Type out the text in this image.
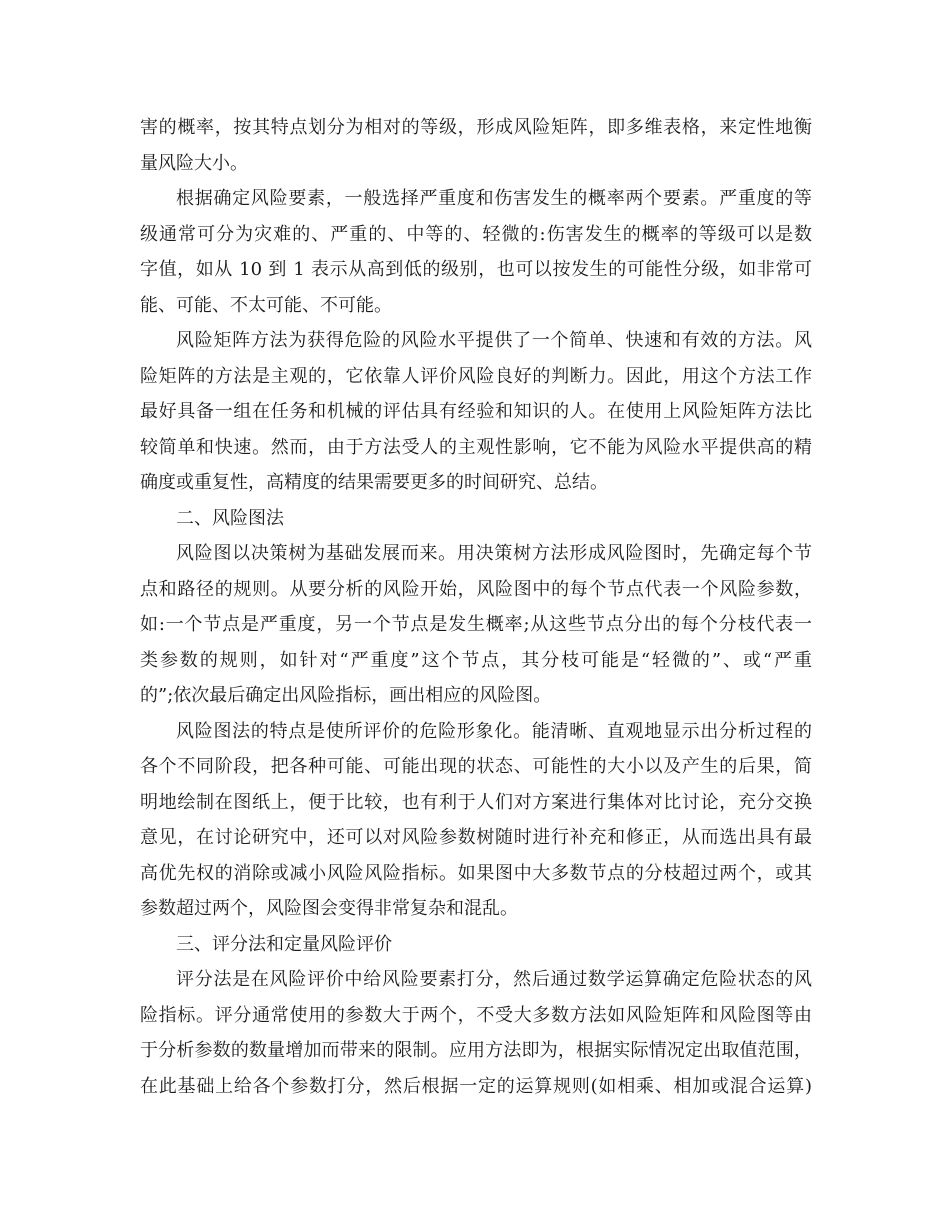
害的概率，按其特点划分为相对的等级，形成风险矩阵，即多维表格，来定性地衡
量风险大小。

根据确定风险要素，一般选择严重度和伤害发生的概率两个要素。严重度的等
级通常可分为灾难的、严重的、中等的、轻微的:伤害发生的概率的等级可以是数
字值，如从 10 到 1 表示从高到低的级别，也可以按发生的可能性分级，如非常可
能、可能、不太可能、不可能。

风险矩阵方法为获得危险的风险水平提供了一个简单、快速和有效的方法。风
险矩阵的方法是主观的，它依靠人评价风险良好的判断力。因此，用这个方法工作
最好具备一组在任务和机械的评估具有经验和知识的人。在使用上风险矩阵方法比
较简单和快速。然而，由于方法受人的主观性影响，它不能为风险水平提供高的精
确度或重复性，高精度的结果需要更多的时间研究、总结。

二、风险图法

风险图以决策树为基础发展而来。用决策树方法形成风险图时，先确定每个节
点和路径的规则。从要分析的风险开始，风险图中的每个节点代表一个风险参数，
如:一个节点是严重度，另一个节点是发生概率;从这些节点分出的每个分枝代表一
类参数的规则，如针对“严重度”这个节点，其分枝可能是“轻微的”、或“严重
的”;依次最后确定出风险指标，画出相应的风险图。

风险图法的特点是使所评价的危险形象化。能清晰、直观地显示出分析过程的
各个不同阶段，把各种可能、可能出现的状态、可能性的大小以及产生的后果，简
明地绘制在图纸上，便于比较，也有利于人们对方案进行集体对比讨论，充分交换
意见，在讨论研究中，还可以对风险参数树随时进行补充和修正，从而选出具有最
高优先权的消除或减小风险风险指标。如果图中大多数节点的分枝超过两个，或其
参数超过两个，风险图会变得非常复杂和混乱。

三、评分法和定量风险评价

评分法是在风险评价中给风险要素打分，然后通过数学运算确定危险状态的风
险指标。评分通常使用的参数大于两个，不受大多数方法如风险矩阵和风险图等由
于分析参数的数量增加而带来的限制。应用方法即为，根据实际情况定出取值范围，
在此基础上给各个参数打分，然后根据一定的运算规则(如相乘、相加或混合运算)
